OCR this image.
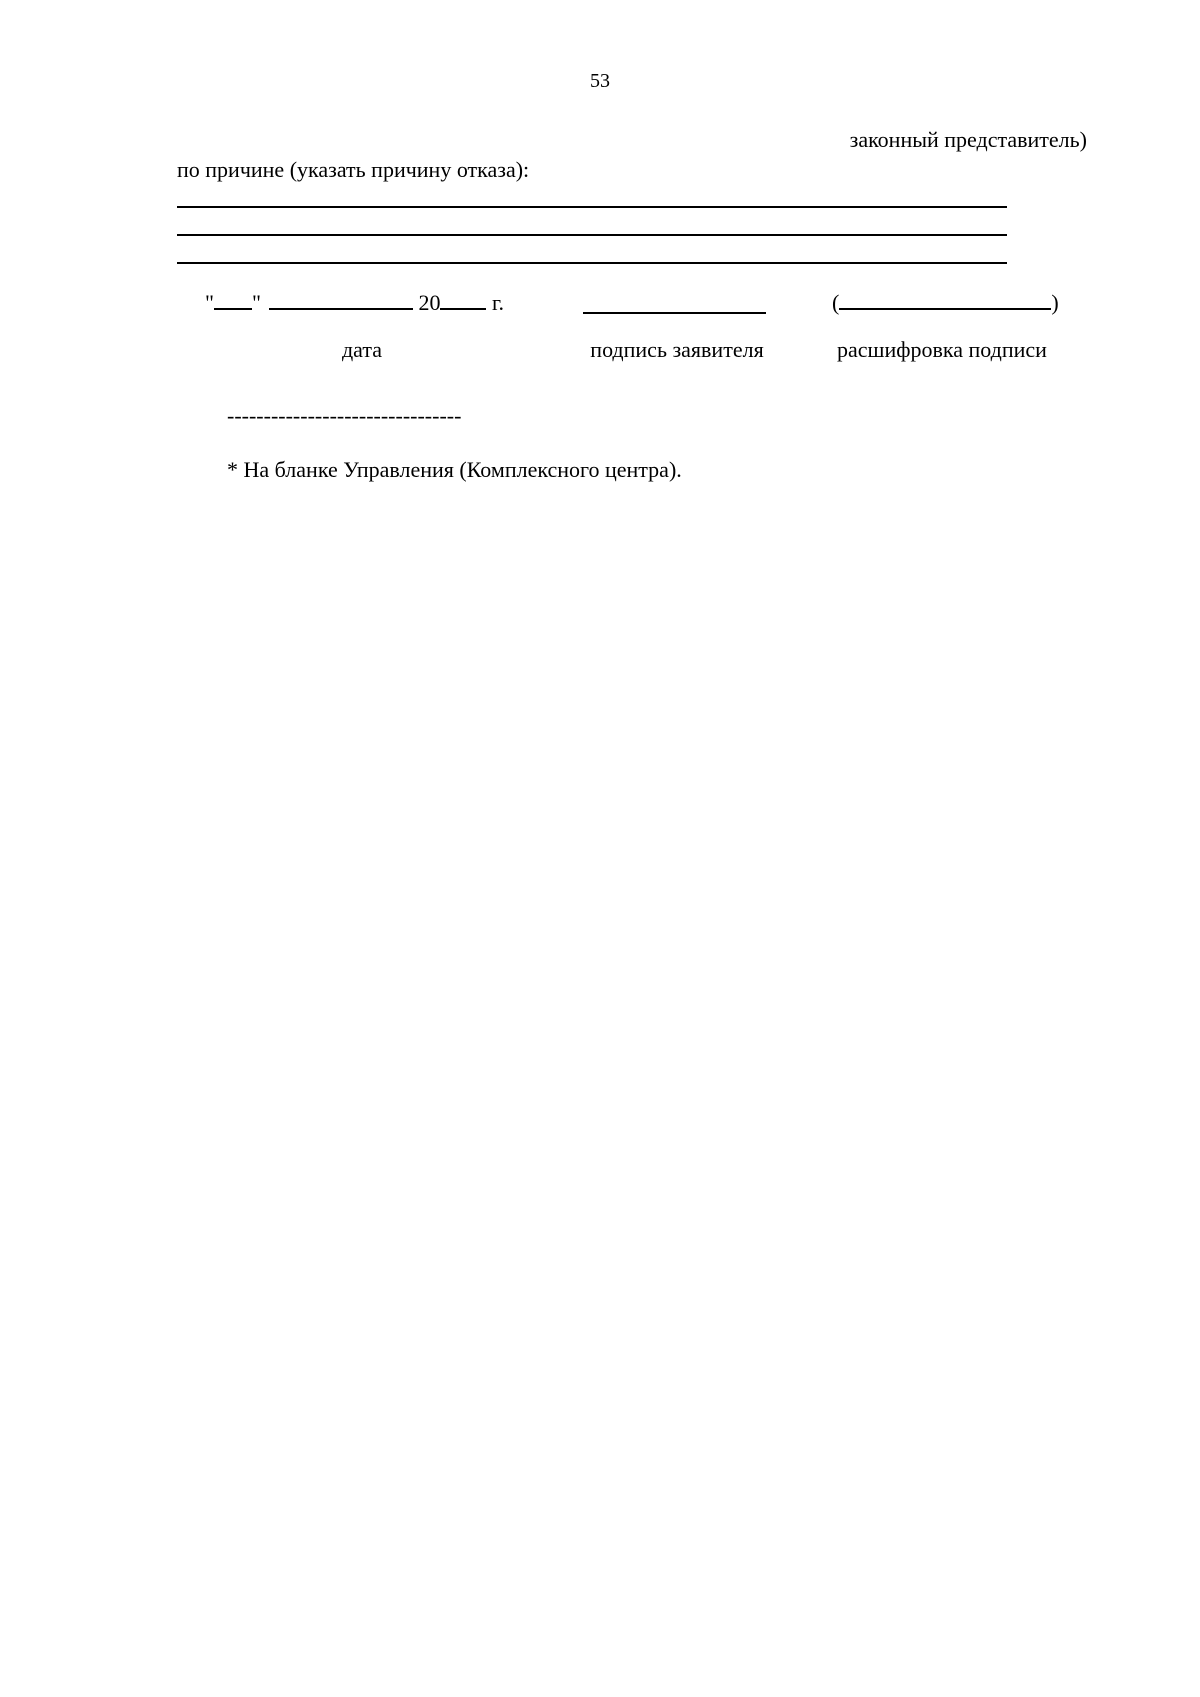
53
законный представитель)
по причине (указать причину отказа):
" "	20 г.	(	)
дата	подпись заявителя	расшифровка подписи
--------------------------------
* На бланке Управления (Комплексного центра).
